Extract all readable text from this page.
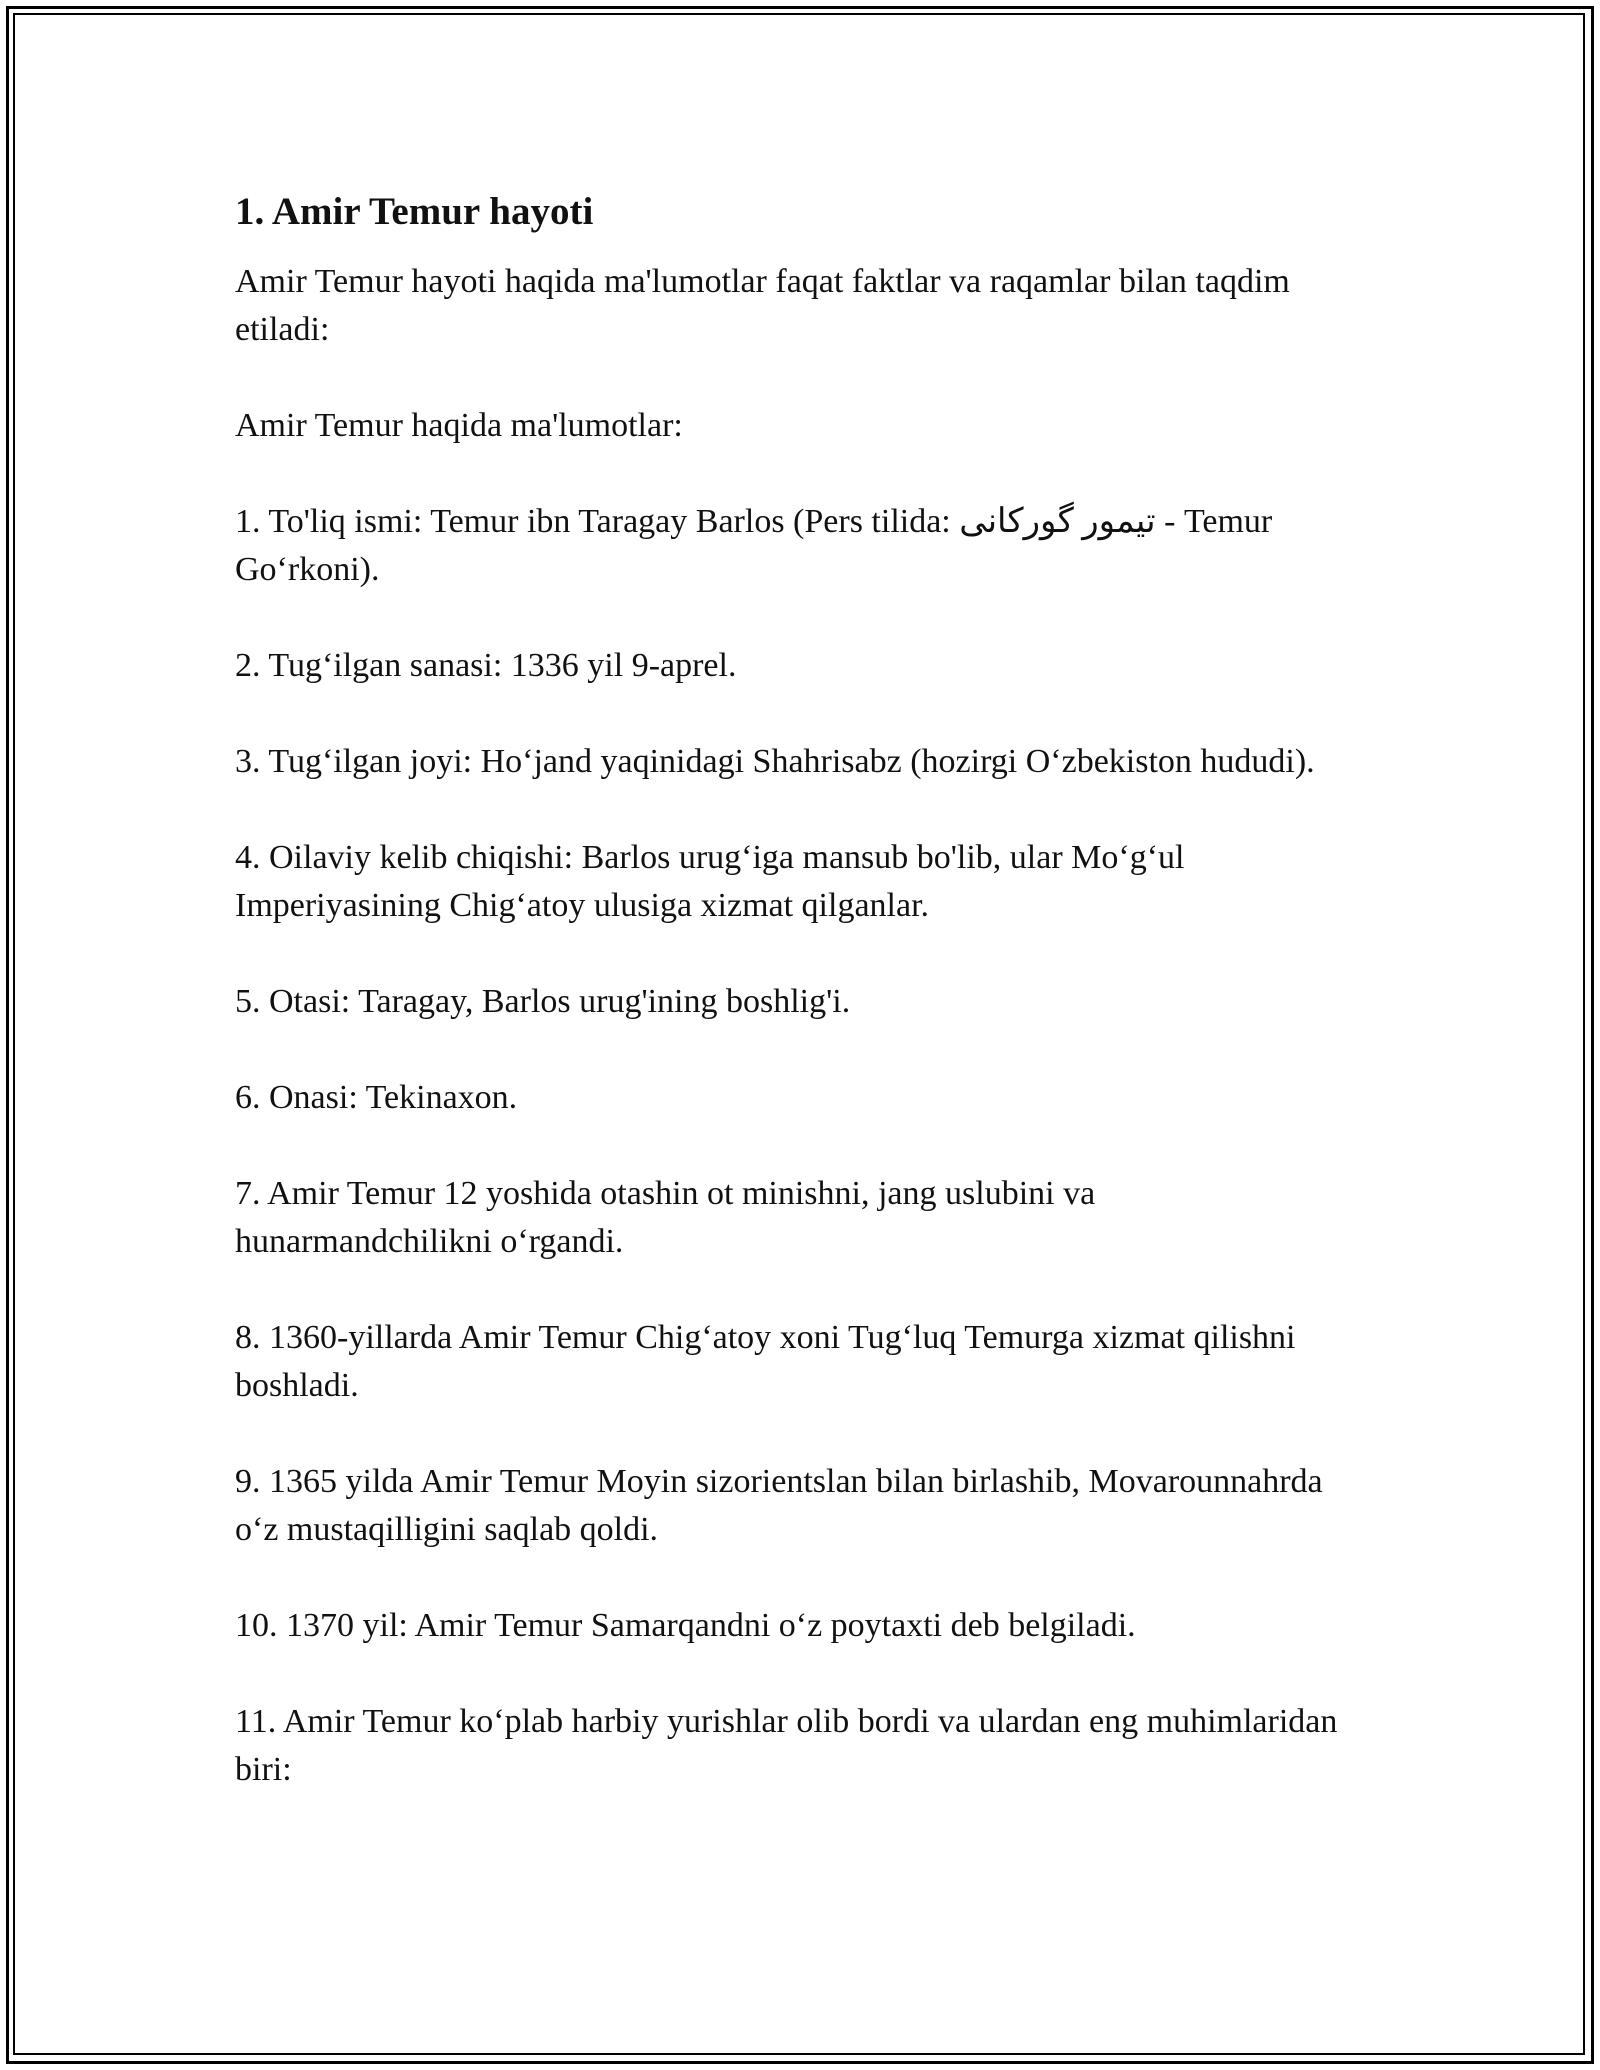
1. Amir Temur hayoti

Amir Temur hayoti haqida ma'lumotlar faqat faktlar va raqamlar bilan taqdim etiladi:

Amir Temur haqida ma'lumotlar:

1. To'liq ismi: Temur ibn Taragay Barlos (Pers tilida: تیمور گورکانی - Temur Go‘rkoni).

2. Tug‘ilgan sanasi: 1336 yil 9-aprel.

3. Tug‘ilgan joyi: Ho‘jand yaqinidagi Shahrisabz (hozirgi O‘zbekiston hududi).

4. Oilaviy kelib chiqishi: Barlos urug‘iga mansub bo'lib, ular Mo‘g‘ul Imperiyasining Chig‘atoy ulusiga xizmat qilganlar.

5. Otasi: Taragay, Barlos urug'ining boshlig'i.

6. Onasi: Tekinaxon.

7. Amir Temur 12 yoshida otashin ot minishni, jang uslubini va hunarmandchilikni o‘rgandi.

8. 1360-yillarda Amir Temur Chig‘atoy xoni Tug‘luq Temurga xizmat qilishni boshladi.

9. 1365 yilda Amir Temur Moyin sizorientslan bilan birlashib, Movarounnahrda o‘z mustaqilligini saqlab qoldi.

10. 1370 yil: Amir Temur Samarqandni o‘z poytaxti deb belgiladi.

11. Amir Temur ko‘plab harbiy yurishlar olib bordi va ulardan eng muhimlaridan biri:
